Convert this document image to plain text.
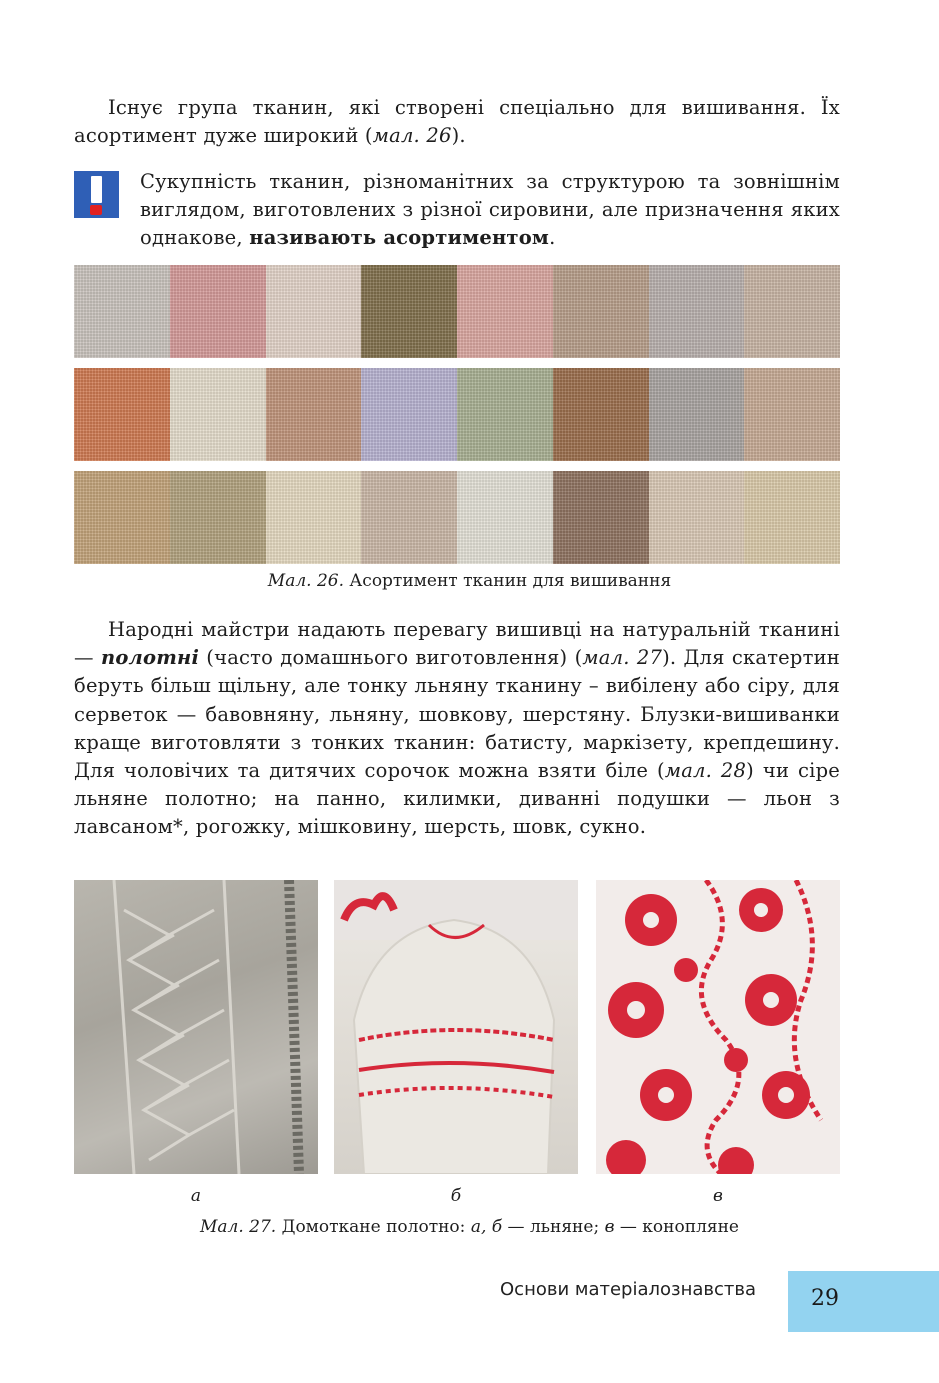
Існує група тканин, які створені спеціально для вишивання. Їх асортимент дуже широкий (мал. 26).
Сукупність тканин, різноманітних за структурою та зовнішнім виглядом, виготовлених з різної сировини, але призначення яких однакове, називають асортиментом.
Мал. 26. Асортимент тканин для вишивання
Народні майстри надають перевагу вишивці на натуральній тканині — полотні (часто домашнього виготовлення) (мал. 27). Для скатертин беруть більш щільну, але тонку льняну тканину – вибілену або сіру, для серветок — бавовняну, льняну, шовкову, шерстяну. Блузки-вишиванки краще виготовляти з тонких тканин: батисту, маркізету, крепдешину. Для чоловічих та дитячих сорочок можна взяти біле (мал. 28) чи сіре льняне полотно; на панно, килимки, диванні подушки — льон з лавсаном*, рогожку, мішковину, шерсть, шовк, сукно.
а	б	в
Мал. 27. Домоткане полотно: а, б — льняне; в — конопляне
Основи матеріалознавства	29
